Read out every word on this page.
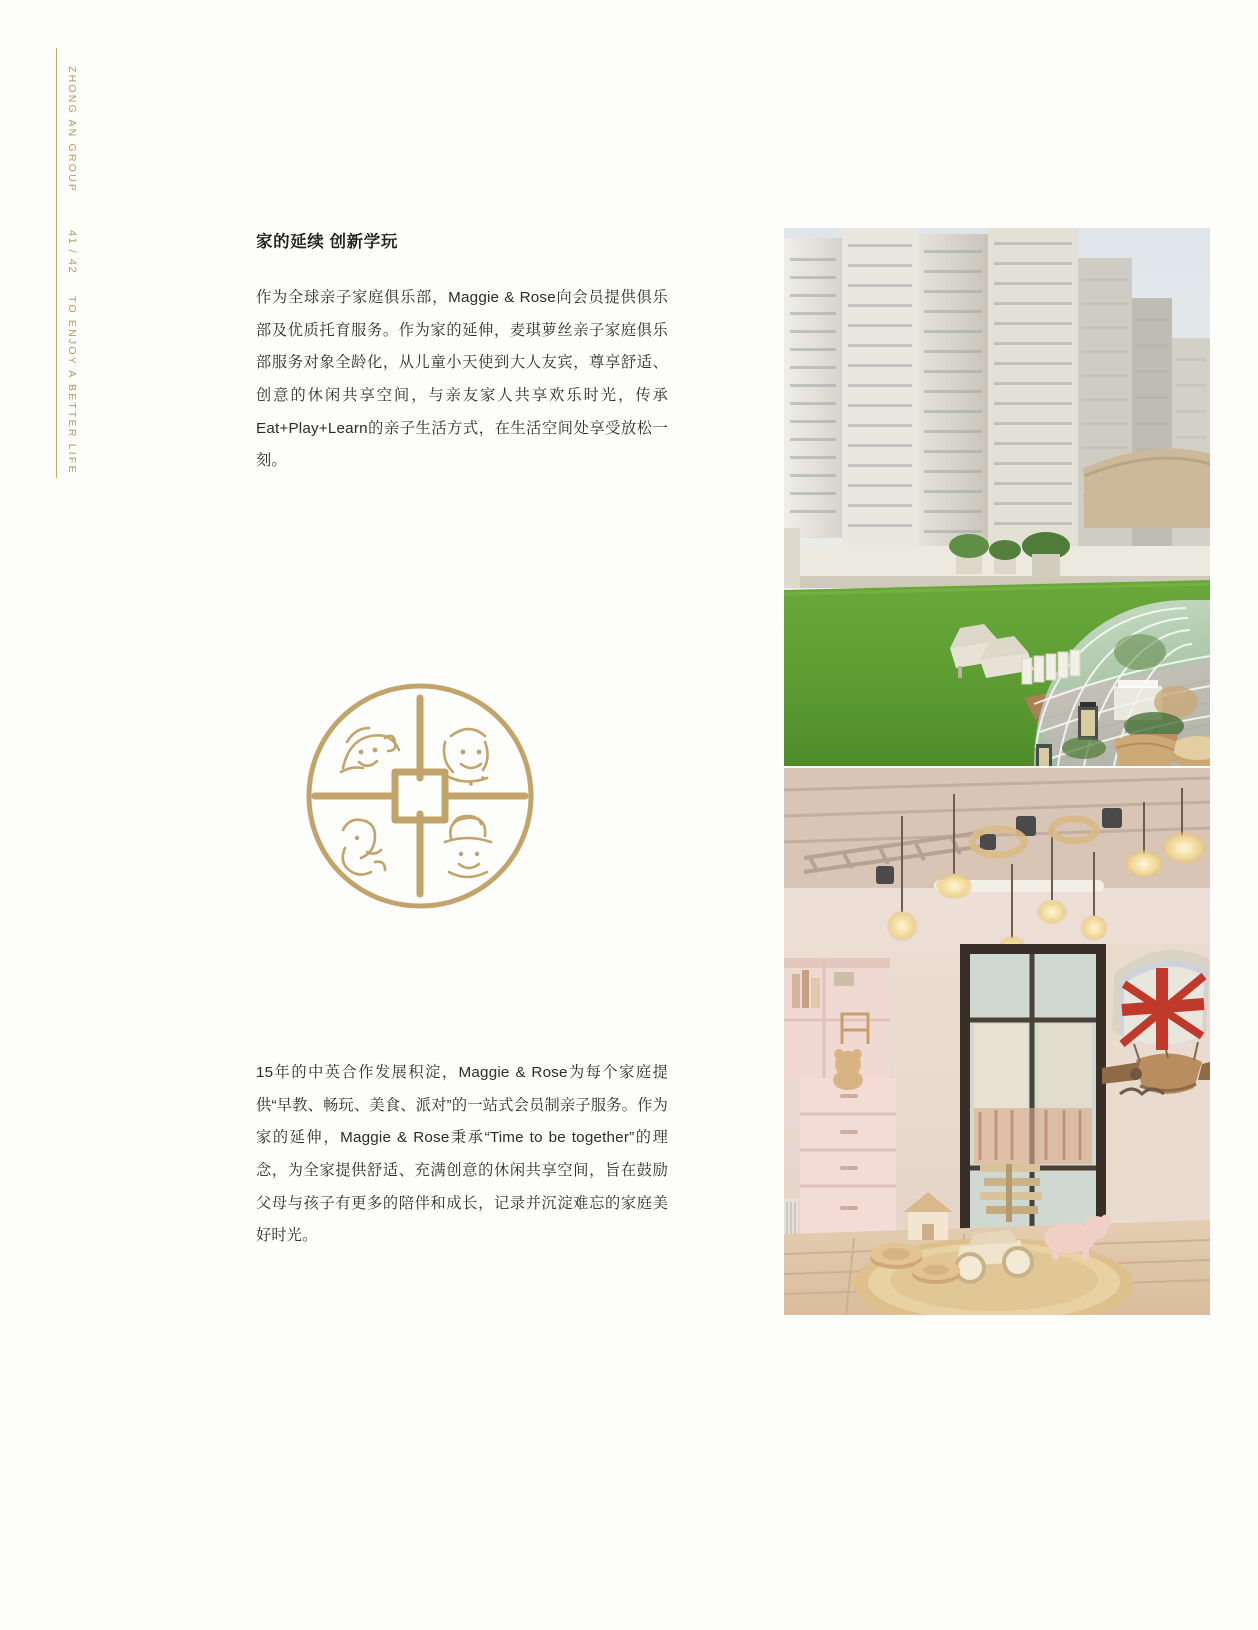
ZHONG AN GROUP
41 / 42
TO ENJOY A BETTER LIFE
家的延续 创新学玩

作为全球亲子家庭俱乐部，Maggie & Rose向会员提供俱乐部及优质托育服务。作为家的延伸，麦琪萝丝亲子家庭俱乐部服务对象全龄化，从儿童小天使到大人友宾，尊享舒适、创意的休闲共享空间，与亲友家人共享欢乐时光，传承Eat+Play+Learn的亲子生活方式，在生活空间处享受放松一刻。

15年的中英合作发展积淀，Maggie & Rose为每个家庭提供“早教、畅玩、美食、派对”的一站式会员制亲子服务。作为家的延伸，Maggie & Rose秉承“Time to be together”的理念，为全家提供舒适、充满创意的休闲共享空间，旨在鼓励父母与孩子有更多的陪伴和成长，记录并沉淀难忘的家庭美好时光。
